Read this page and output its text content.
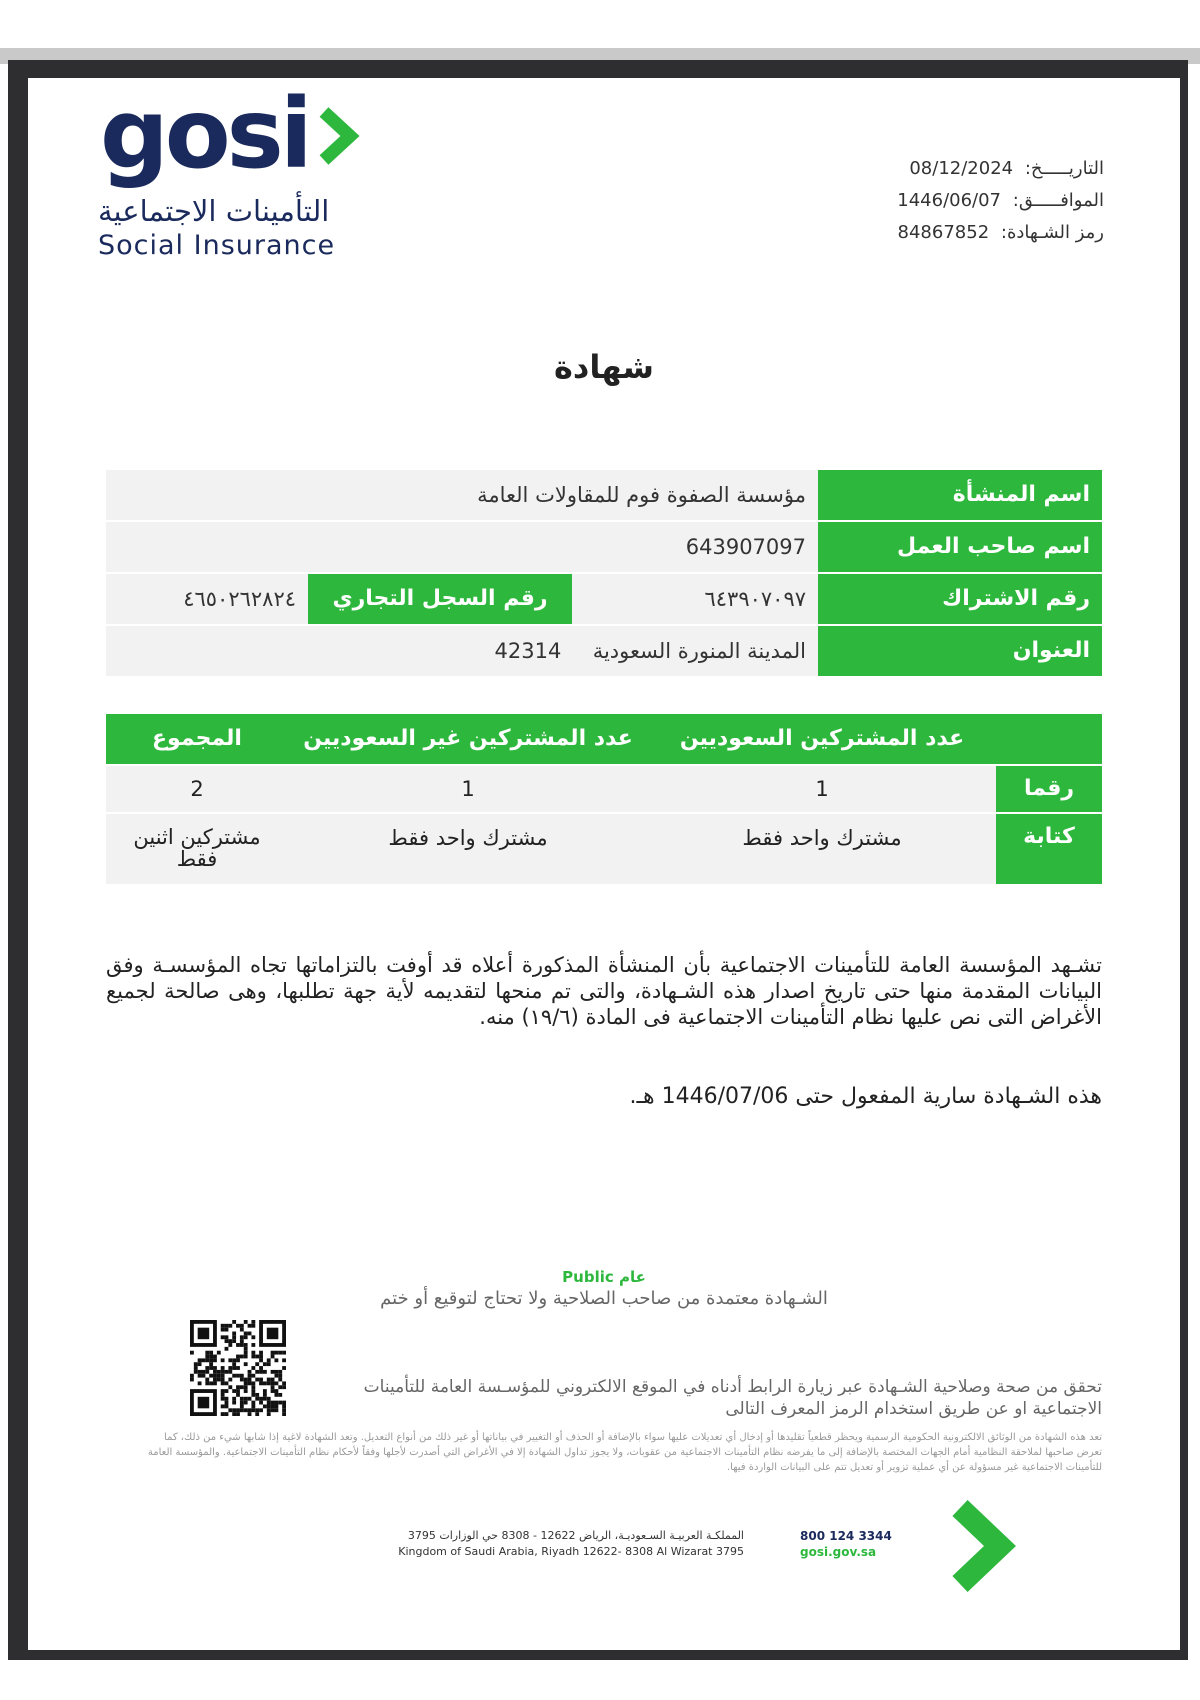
gosi
التأمينات الاجتماعية
Social Insurance
التاريـــــخ: 08/12/2024
الموافـــــق: 1446/06/07
رمز الشـهادة: 84867852
شهادة
اسم المنشأة
مؤسسة الصفوة فوم للمقاولات العامة
اسم صاحب العمل
643907097
رقم الاشتراك
٦٤٣٩٠٧٠٩٧
رقم السجل التجاري
٤٦٥٠٢٦٢٨٢٤
العنوان
المدينة المنورة السعودية  42314
عدد المشتركين السعوديين
عدد المشتركين غير السعوديين
المجموع
رقما
1
1
2
كتابة
مشترك واحد فقط
مشترك واحد فقط
مشتركين اثنين فقط
تشـهد المؤسسة العامة للتأمينات الاجتماعية بأن المنشأة المذكورة أعلاه قد أوفت بالتزاماتها تجاه المؤسسـة وفق البيانات المقدمة منها حتى تاريخ اصدار هذه الشـهادة، والتى تم منحها لتقديمه لأية جهة تطلبها، وهى صالحة لجميع الأغراض التى نص عليها نظام التأمينات الاجتماعية فى المادة (١٩/٦) منه.
هذه الشـهادة سارية المفعول حتى 1446/07/06 هـ.
Public عام
الشـهادة معتمدة من صاحب الصلاحية ولا تحتاج لتوقيع أو ختم
تحقق من صحة وصلاحية الشـهادة عبر زيارة الرابط أدناه في الموقع الالكتروني للمؤسـسة العامة للتأمينات الاجتماعية او عن طريق استخدام الرمز المعرف التالى
تعد هذه الشهادة من الوثائق الالكترونية الحكومية الرسمية ويحظر قطعياً تقليدها أو إدخال أي تعديلات عليها سواء بالإضافة أو الحذف أو التغيير في بياناتها أو غير ذلك من أنواع التعديل. وتعد الشهادة لاغية إذا شابها شيء من ذلك، كما تعرض صاحبها لملاحقة النظامية أمام الجهات المختصة بالإضافة إلى ما يفرضه نظام التأمينات الاجتماعية من عقوبات، ولا يجوز تداول الشهادة إلا في الأغراض التي أصدرت لأجلها وفقاً لأحكام نظام التأمينات الاجتماعية. والمؤسسة العامة للتأمينات الاجتماعية غير مسؤولة عن أي عملية تزوير أو تعديل تتم على البيانات الواردة فيها.
المملكـة العربيـة السـعوديـة، الرياض 12622 - 8308 حي الوزارات 3795
Kingdom of Saudi Arabia, Riyadh 12622- 8308 Al Wizarat 3795
800 124 3344
gosi.gov.sa
